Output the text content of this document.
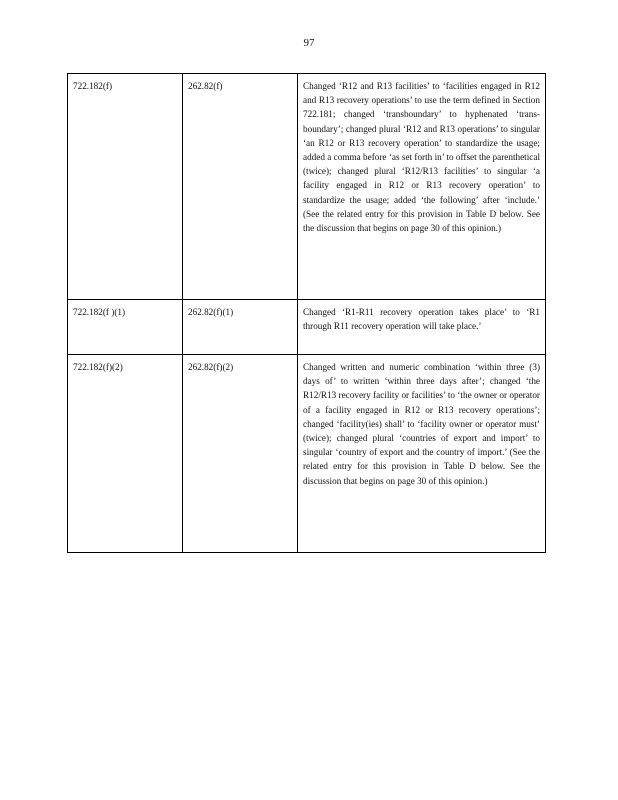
97
722.182(f)	262.82(f)	Changed ‘R12 and R13 facilities’ to ‘facilities engaged in R12 and R13 recovery operations’ to use the term defined in Section 722.181; changed ‘transboundary’ to hyphenated ‘trans-boundary’; changed plural ‘R12 and R13 operations’ to singular ‘an R12 or R13 recovery operation’ to standardize the usage; added a comma before ‘as set forth in’ to offset the parenthetical (twice); changed plural ‘R12/R13 facilities’ to singular ‘a facility engaged in R12 or R13 recovery operation’ to standardize the usage; added ‘the following’ after ‘include.’ (See the related entry for this provision in Table D below. See the discussion that begins on page 30 of this opinion.)
722.182(f )(1)	262.82(f)(1)	Changed ‘R1-R11 recovery operation takes place’ to ‘R1 through R11 recovery operation will take place.’
722.182(f)(2)	262.82(f)(2)	Changed written and numeric combination ‘within three (3) days of’ to written ‘within three days after’; changed ‘the R12/R13 recovery facility or facilities’ to ‘the owner or operator of a facility engaged in R12 or R13 recovery operations’; changed ‘facility(ies) shall’ to ‘facility owner or operator must’ (twice); changed plural ‘countries of export and import’ to singular ‘country of export and the country of import.’ (See the related entry for this provision in Table D below. See the discussion that begins on page 30 of this opinion.)
